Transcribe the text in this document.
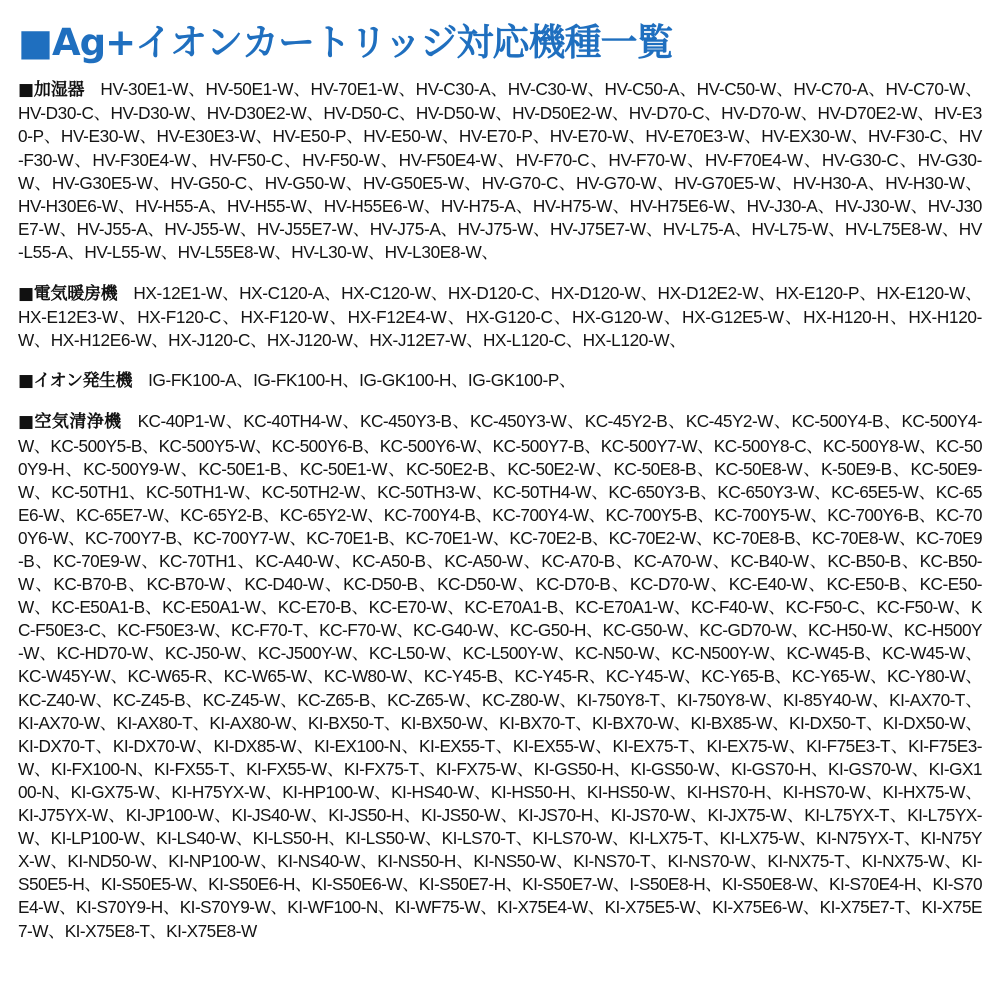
■Ag+イオンカートリッジ対応機種一覧
■加湿器 HV-30E1-W、HV-50E1-W、HV-70E1-W、HV-C30-A、HV-C30-W、HV-C50-A、HV-C50-W、HV-C70-A、HV-C70-W、HV-D30-C、HV-D30-W、HV-D30E2-W、HV-D50-C、HV-D50-W、HV-D50E2-W、HV-D70-C、HV-D70-W、HV-D70E2-W、HV-E30-P、HV-E30-W、HV-E30E3-W、HV-E50-P、HV-E50-W、HV-E70-P、HV-E70-W、HV-E70E3-W、HV-EX30-W、HV-F30-C、HV-F30-W、HV-F30E4-W、HV-F50-C、HV-F50-W、HV-F50E4-W、HV-F70-C、HV-F70-W、HV-F70E4-W、HV-G30-C、HV-G30-W、HV-G30E5-W、HV-G50-C、HV-G50-W、HV-G50E5-W、HV-G70-C、HV-G70-W、HV-G70E5-W、HV-H30-A、HV-H30-W、HV-H30E6-W、HV-H55-A、HV-H55-W、HV-H55E6-W、HV-H75-A、HV-H75-W、HV-H75E6-W、HV-J30-A、HV-J30-W、HV-J30E7-W、HV-J55-A、HV-J55-W、HV-J55E7-W、HV-J75-A、HV-J75-W、HV-J75E7-W、HV-L75-A、HV-L75-W、HV-L75E8-W、HV-L55-A、HV-L55-W、HV-L55E8-W、HV-L30-W、HV-L30E8-W、
■電気暖房機 HX-12E1-W、HX-C120-A、HX-C120-W、HX-D120-C、HX-D120-W、HX-D12E2-W、HX-E120-P、HX-E120-W、HX-E12E3-W、HX-F120-C、HX-F120-W、HX-F12E4-W、HX-G120-C、HX-G120-W、HX-G12E5-W、HX-H120-H、HX-H120-W、HX-H12E6-W、HX-J120-C、HX-J120-W、HX-J12E7-W、HX-L120-C、HX-L120-W、
■イオン発生機 IG-FK100-A、IG-FK100-H、IG-GK100-H、IG-GK100-P、
■空気清浄機 KC-40P1-W、KC-40TH4-W、KC-450Y3-B、KC-450Y3-W、KC-45Y2-B、KC-45Y2-W、KC-500Y4-B、KC-500Y4-W、KC-500Y5-B、KC-500Y5-W、KC-500Y6-B、KC-500Y6-W、KC-500Y7-B、KC-500Y7-W、KC-500Y8-C、KC-500Y8-W、KC-500Y9-H、KC-500Y9-W、KC-50E1-B、KC-50E1-W、KC-50E2-B、KC-50E2-W、KC-50E8-B、KC-50E8-W、K-50E9-B、KC-50E9-W、KC-50TH1、KC-50TH1-W、KC-50TH2-W、KC-50TH3-W、KC-50TH4-W、KC-650Y3-B、KC-650Y3-W、KC-65E5-W、KC-65E6-W、KC-65E7-W、KC-65Y2-B、KC-65Y2-W、KC-700Y4-B、KC-700Y4-W、KC-700Y5-B、KC-700Y5-W、KC-700Y6-B、KC-700Y6-W、KC-700Y7-B、KC-700Y7-W、KC-70E1-B、KC-70E1-W、KC-70E2-B、KC-70E2-W、KC-70E8-B、KC-70E8-W、KC-70E9-B、KC-70E9-W、KC-70TH1、KC-A40-W、KC-A50-B、KC-A50-W、KC-A70-B、KC-A70-W、KC-B40-W、KC-B50-B、KC-B50-W、KC-B70-B、KC-B70-W、KC-D40-W、KC-D50-B、KC-D50-W、KC-D70-B、KC-D70-W、KC-E40-W、KC-E50-B、KC-E50-W、KC-E50A1-B、KC-E50A1-W、KC-E70-B、KC-E70-W、KC-E70A1-B、KC-E70A1-W、KC-F40-W、KC-F50-C、KC-F50-W、KC-F50E3-C、KC-F50E3-W、KC-F70-T、KC-F70-W、KC-G40-W、KC-G50-H、KC-G50-W、KC-GD70-W、KC-H50-W、KC-H500Y-W、KC-HD70-W、KC-J50-W、KC-J500Y-W、KC-L50-W、KC-L500Y-W、KC-N50-W、KC-N500Y-W、KC-W45-B、KC-W45-W、KC-W45Y-W、KC-W65-R、KC-W65-W、KC-W80-W、KC-Y45-B、KC-Y45-R、KC-Y45-W、KC-Y65-B、KC-Y65-W、KC-Y80-W、KC-Z40-W、KC-Z45-B、KC-Z45-W、KC-Z65-B、KC-Z65-W、KC-Z80-W、KI-750Y8-T、KI-750Y8-W、KI-85Y40-W、KI-AX70-T、KI-AX70-W、KI-AX80-T、KI-AX80-W、KI-BX50-T、KI-BX50-W、KI-BX70-T、KI-BX70-W、KI-BX85-W、KI-DX50-T、KI-DX50-W、KI-DX70-T、KI-DX70-W、KI-DX85-W、KI-EX100-N、KI-EX55-T、KI-EX55-W、KI-EX75-T、KI-EX75-W、KI-F75E3-T、KI-F75E3-W、KI-FX100-N、KI-FX55-T、KI-FX55-W、KI-FX75-T、KI-FX75-W、KI-GS50-H、KI-GS50-W、KI-GS70-H、KI-GS70-W、KI-GX100-N、KI-GX75-W、KI-H75YX-W、KI-HP100-W、KI-HS40-W、KI-HS50-H、KI-HS50-W、KI-HS70-H、KI-HS70-W、KI-HX75-W、KI-J75YX-W、KI-JP100-W、KI-JS40-W、KI-JS50-H、KI-JS50-W、KI-JS70-H、KI-JS70-W、KI-JX75-W、KI-L75YX-T、KI-L75YX-W、KI-LP100-W、KI-LS40-W、KI-LS50-H、KI-LS50-W、KI-LS70-T、KI-LS70-W、KI-LX75-T、KI-LX75-W、KI-N75YX-T、KI-N75YX-W、KI-ND50-W、KI-NP100-W、KI-NS40-W、KI-NS50-H、KI-NS50-W、KI-NS70-T、KI-NS70-W、KI-NX75-T、KI-NX75-W、KI-S50E5-H、KI-S50E5-W、KI-S50E6-H、KI-S50E6-W、KI-S50E7-H、KI-S50E7-W、I-S50E8-H、KI-S50E8-W、KI-S70E4-H、KI-S70E4-W、KI-S70Y9-H、KI-S70Y9-W、KI-WF100-N、KI-WF75-W、KI-X75E4-W、KI-X75E5-W、KI-X75E6-W、KI-X75E7-T、KI-X75E7-W、KI-X75E8-T、KI-X75E8-W
